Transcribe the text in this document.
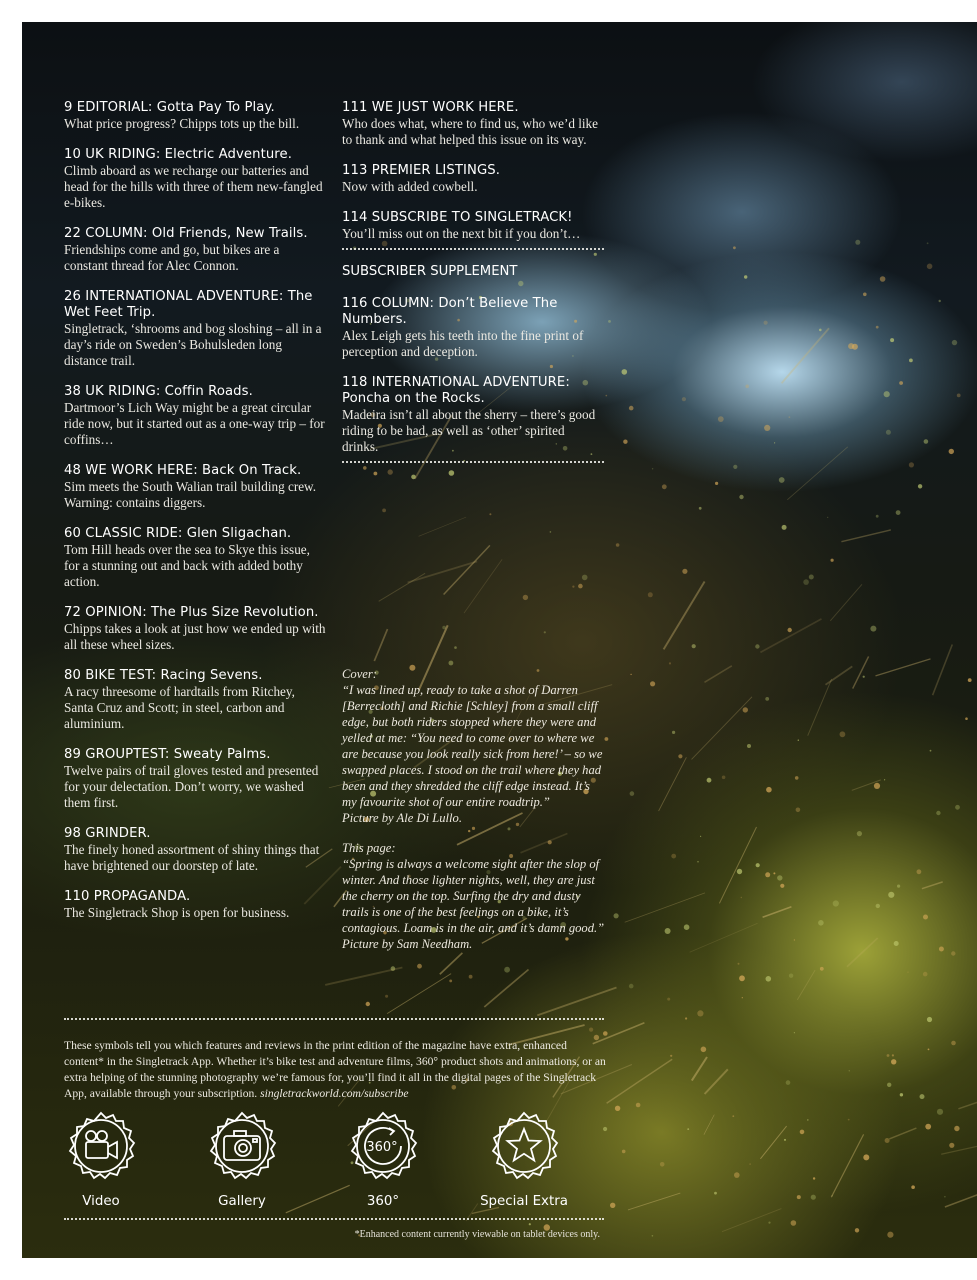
9 EDITORIAL: Gotta Pay To Play.
What price progress? Chipps tots up the bill.
10 UK RIDING: Electric Adventure.
Climb aboard as we recharge our batteries and head for the hills with three of them new-fangled e-bikes.
22 COLUMN: Old Friends, New Trails.
Friendships come and go, but bikes are a constant thread for Alec Connon.
26 INTERNATIONAL ADVENTURE: The Wet Feet Trip.
Singletrack, ‘shrooms and bog sloshing – all in a day’s ride on Sweden’s Bohulsleden long distance trail.
38 UK RIDING: Coffin Roads.
Dartmoor’s Lich Way might be a great circular ride now, but it started out as a one-way trip – for coffins…
48 WE WORK HERE: Back On Track.
Sim meets the South Walian trail building crew. Warning: contains diggers.
60 CLASSIC RIDE: Glen Sligachan.
Tom Hill heads over the sea to Skye this issue, for a stunning out and back with added bothy action.
72 OPINION: The Plus Size Revolution.
Chipps takes a look at just how we ended up with all these wheel sizes.
80 BIKE TEST: Racing Sevens.
A racy threesome of hardtails from Ritchey, Santa Cruz and Scott; in steel, carbon and aluminium.
89 GROUPTEST: Sweaty Palms.
Twelve pairs of trail gloves tested and presented for your delectation. Don’t worry, we washed them first.
98 GRINDER.
The finely honed assortment of shiny things that have brightened our doorstep of late.
110 PROPAGANDA.
The Singletrack Shop is open for business.
111 WE JUST WORK HERE.
Who does what, where to find us, who we’d like to thank and what helped this issue on its way.
113 PREMIER LISTINGS.
Now with added cowbell.
114 SUBSCRIBE TO SINGLETRACK!
You’ll miss out on the next bit if you don’t…
SUBSCRIBER SUPPLEMENT
116 COLUMN: Don’t Believe The Numbers.
Alex Leigh gets his teeth into the fine print of perception and deception.
118 INTERNATIONAL ADVENTURE: Poncha on the Rocks.
Madeira isn’t all about the sherry – there’s good riding to be had, as well as ‘other’ spirited drinks.

Cover:

“I was lined up, ready to take a shot of Darren [Berrecloth] and Richie [Schley] from a small cliff edge, but both riders stopped where they were and yelled at me: “You need to come over to where we are because you look really sick from here!’ – so we swapped places. I stood on the trail where they had been and they shredded the cliff edge instead. It’s my favourite shot of our entire roadtrip.”

Picture by Ale Di Lullo.

This page:

“Spring is always a welcome sight after the slop of winter. And those lighter nights, well, they are just the cherry on the top. Surfing the dry and dusty trails is one of the best feelings on a bike, it’s contagious. Loam is in the air, and it’s damn good.”

Picture by Sam Needham.

These symbols tell you which features and reviews in the print edition of the magazine have extra, enhanced content* in the Singletrack App. Whether it’s bike test and adventure films, 360° product shots and animations, or an extra helping of the stunning photography we’re famous for, you’ll find it all in the digital pages of the Singletrack App, available through your subscription. singletrackworld.com/subscribe
Video	Gallery
360°
360°	Special Extra
*Enhanced content currently viewable on tablet devices only.
